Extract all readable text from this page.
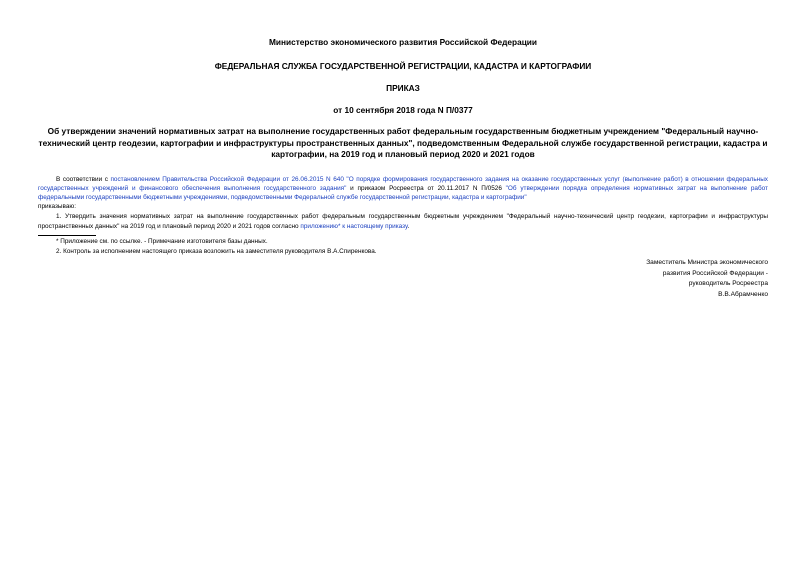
Министерство экономического развития Российской Федерации
ФЕДЕРАЛЬНАЯ СЛУЖБА ГОСУДАРСТВЕННОЙ РЕГИСТРАЦИИ, КАДАСТРА И КАРТОГРАФИИ
ПРИКАЗ
от 10 сентября 2018 года N П/0377
Об утверждении значений нормативных затрат на выполнение государственных работ федеральным государственным бюджетным учреждением "Федеральный научно-технический центр геодезии, картографии и инфраструктуры пространственных данных", подведомственным Федеральной службе государственной регистрации, кадастра и картографии, на 2019 год и плановый период 2020 и 2021 годов
В соответствии с постановлением Правительства Российской Федерации от 26.06.2015 N 640 "О порядке формирования государственного задания на оказание государственных услуг (выполнение работ) в отношении федеральных государственных учреждений и финансового обеспечения выполнения государственного задания" и приказом Росреестра от 20.11.2017 N П/0526 "Об утверждении порядка определения нормативных затрат на выполнение работ федеральными государственными бюджетными учреждениями, подведомственными Федеральной службе государственной регистрации, кадастра и картографии"
приказываю:
1. Утвердить значения нормативных затрат на выполнение государственных работ федеральным государственным бюджетным учреждением "Федеральный научно-технический центр геодезии, картографии и инфраструктуры пространственных данных" на 2019 год и плановый период 2020 и 2021 годов согласно приложению* к настоящему приказу.
* Приложение см. по ссылке. - Примечание изготовителя базы данных.
2. Контроль за исполнением настоящего приказа возложить на заместителя руководителя В.А.Спиренкова.
Заместитель Министра экономического
развития Российской Федерации -
руководитель Росреестра
В.В.Абрамченко
